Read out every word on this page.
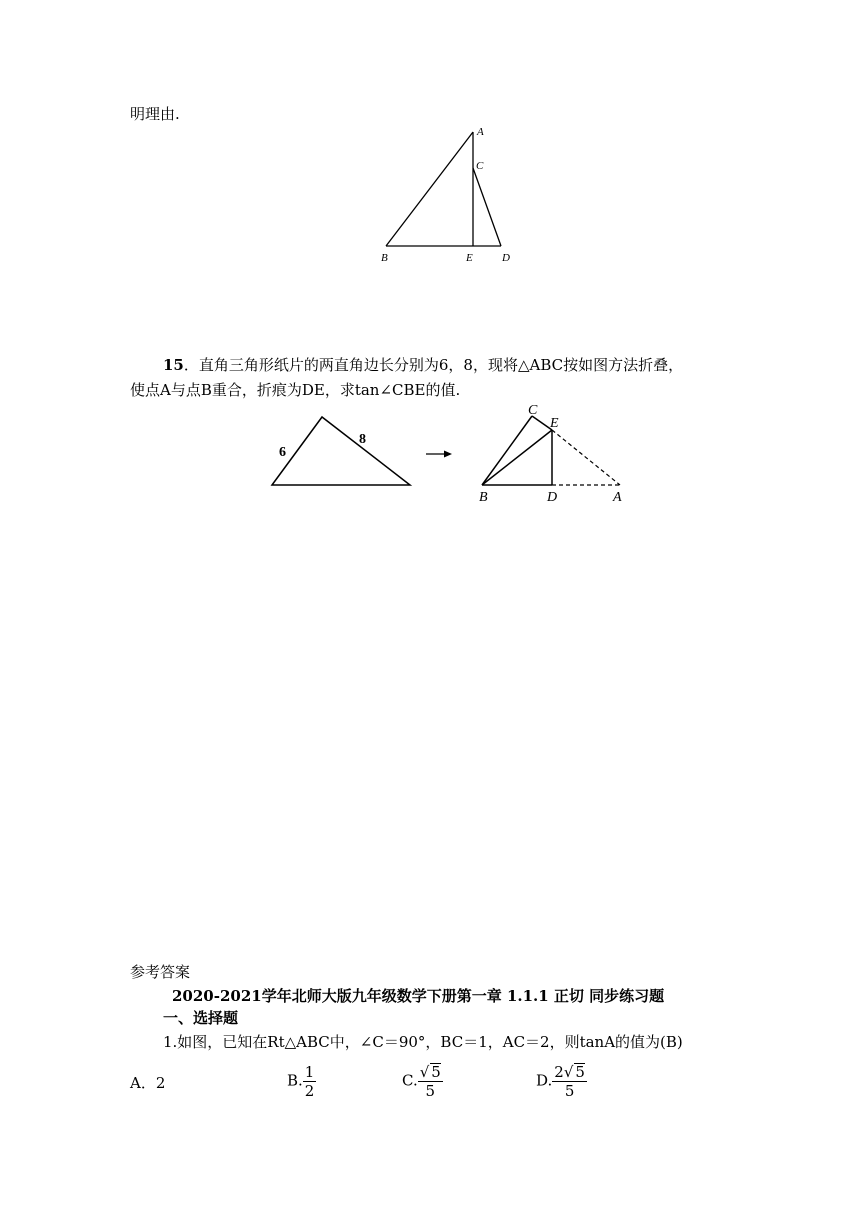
明理由.
A
C
B	E	D
15．直角三角形纸片的两直角边长分别为6，8，现将△ABC按如图方法折叠，
使点A与点B重合，折痕为DE，求tan∠CBE的值.
6
8
C
E
B	D	A
参考答案
2020-2021学年北师大版九年级数学下册第一章 1.1.1 正切 同步练习题
一、选择题
1.如图，已知在Rt△ABC中，∠C＝90°，BC＝1，AC＝2，则tanA的值为(B)
A．2	B. $\frac{1}{2}$	C. $\frac{√ 5}{5}$	D. $\frac{2√ 5}{5}$
